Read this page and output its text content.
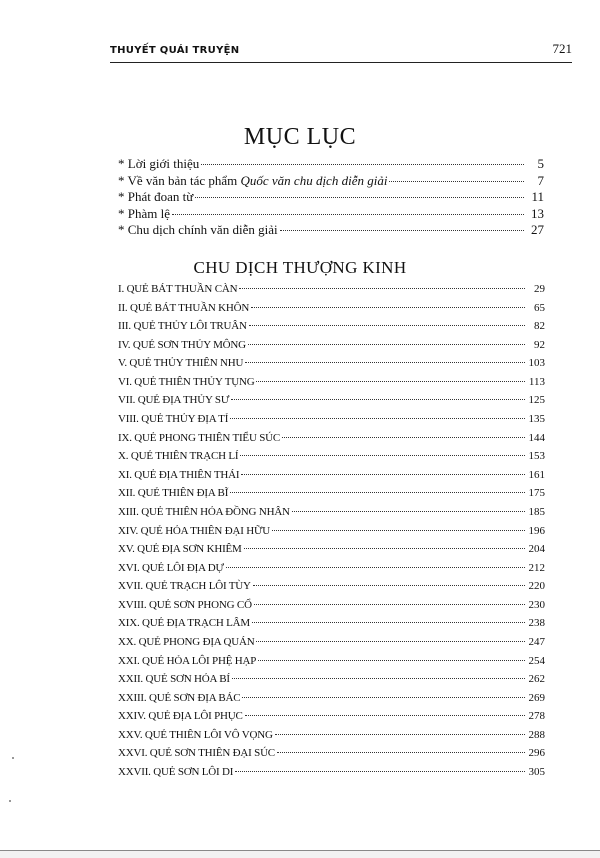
THUYẾT QUÁI TRUYỆN	721
MỤC LỤC
* Lời giới thiệu	5
* Về văn bản tác phẩm Quốc văn chu dịch diễn giải	7
* Phát đoan từ	11
* Phàm lệ	13
* Chu dịch chính văn diễn giải	27
CHU DỊCH THƯỢNG KINH
I. QUẺ BÁT THUẦN CÀN	29
II. QUẺ BÁT THUẦN KHÔN	65
III. QUẺ THỦY LÔI TRUÂN	82
IV. QUẺ SƠN THỦY MÔNG	92
V. QUẺ THỦY THIÊN NHU	103
VI. QUẺ THIÊN THỦY TỤNG	113
VII. QUẺ ĐỊA THỦY SƯ	125
VIII. QUẺ THỦY ĐỊA TỈ	135
IX. QUẺ PHONG THIÊN TIỂU SÚC	144
X. QUẺ THIÊN TRẠCH LÍ	153
XI. QUẺ ĐỊA THIÊN THÁI	161
XII. QUẺ THIÊN ĐỊA BĨ	175
XIII. QUẺ THIÊN HỎA ĐỒNG NHÂN	185
XIV. QUẺ HỎA THIÊN ĐẠI HỮU	196
XV. QUẺ ĐỊA SƠN KHIÊM	204
XVI. QUẺ LÔI ĐỊA DỰ	212
XVII. QUẺ TRẠCH LÔI TÙY	220
XVIII. QUẺ SƠN PHONG CỔ	230
XIX. QUẺ ĐỊA TRẠCH LÂM	238
XX. QUẺ PHONG ĐỊA QUÁN	247
XXI. QUẺ HỎA LÔI PHỆ HẠP	254
XXII. QUẺ SƠN HỎA BÍ	262
XXIII. QUẺ SƠN ĐỊA BÁC	269
XXIV. QUẺ ĐỊA LÔI PHỤC	278
XXV. QUẺ THIÊN LÔI VÔ VỌNG	288
XXVI. QUẺ SƠN THIÊN ĐẠI SÚC	296
XXVII. QUẺ SƠN LÔI DI	305
